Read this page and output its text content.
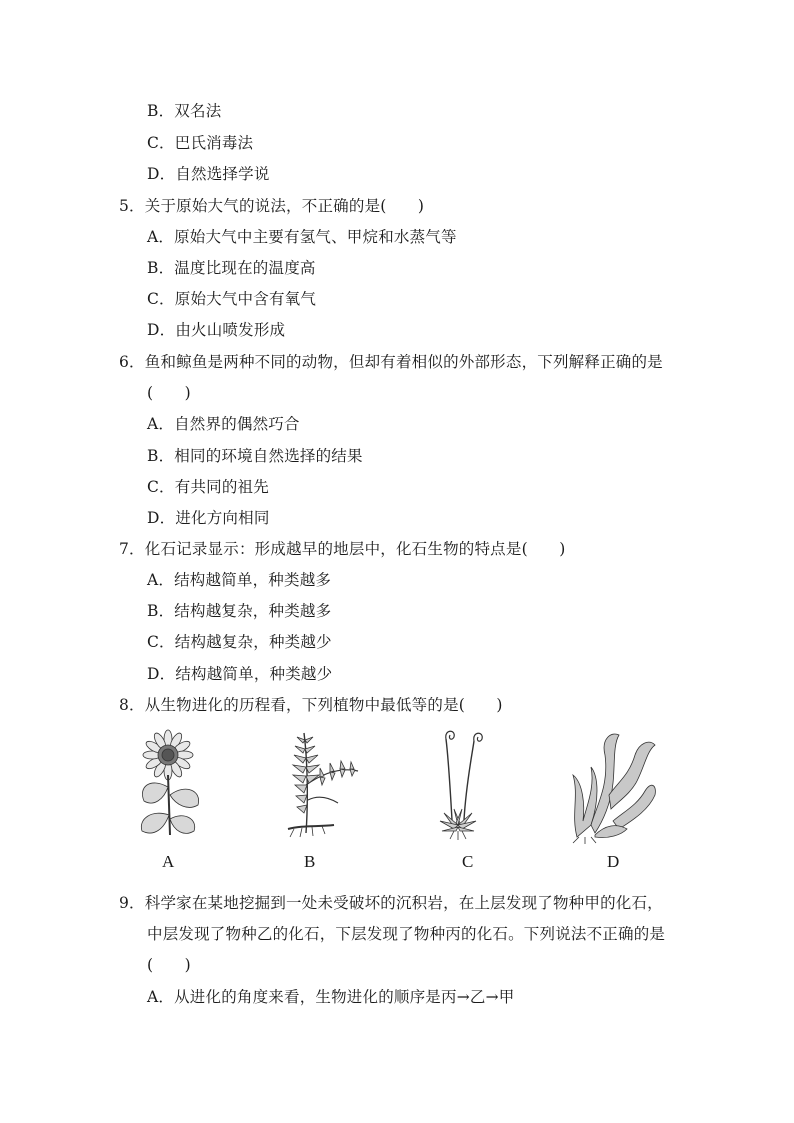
B．双名法
C．巴氏消毒法
D．自然选择学说
5．关于原始大气的说法，不正确的是(　　)
A．原始大气中主要有氢气、甲烷和水蒸气等
B．温度比现在的温度高
C．原始大气中含有氧气
D．由火山喷发形成
6．鱼和鲸鱼是两种不同的动物，但却有着相似的外部形态，下列解释正确的是
(　　)
A．自然界的偶然巧合
B．相同的环境自然选择的结果
C．有共同的祖先
D．进化方向相同
7．化石记录显示：形成越早的地层中，化石生物的特点是(　　)
A．结构越简单，种类越多
B．结构越复杂，种类越多
C．结构越复杂，种类越少
D．结构越简单，种类越少
8．从生物进化的历程看，下列植物中最低等的是(　　)
A	B	C	D
9．科学家在某地挖掘到一处未受破坏的沉积岩，在上层发现了物种甲的化石，
中层发现了物种乙的化石，下层发现了物种丙的化石。下列说法不正确的是
(　　)
A．从进化的角度来看，生物进化的顺序是丙→乙→甲
